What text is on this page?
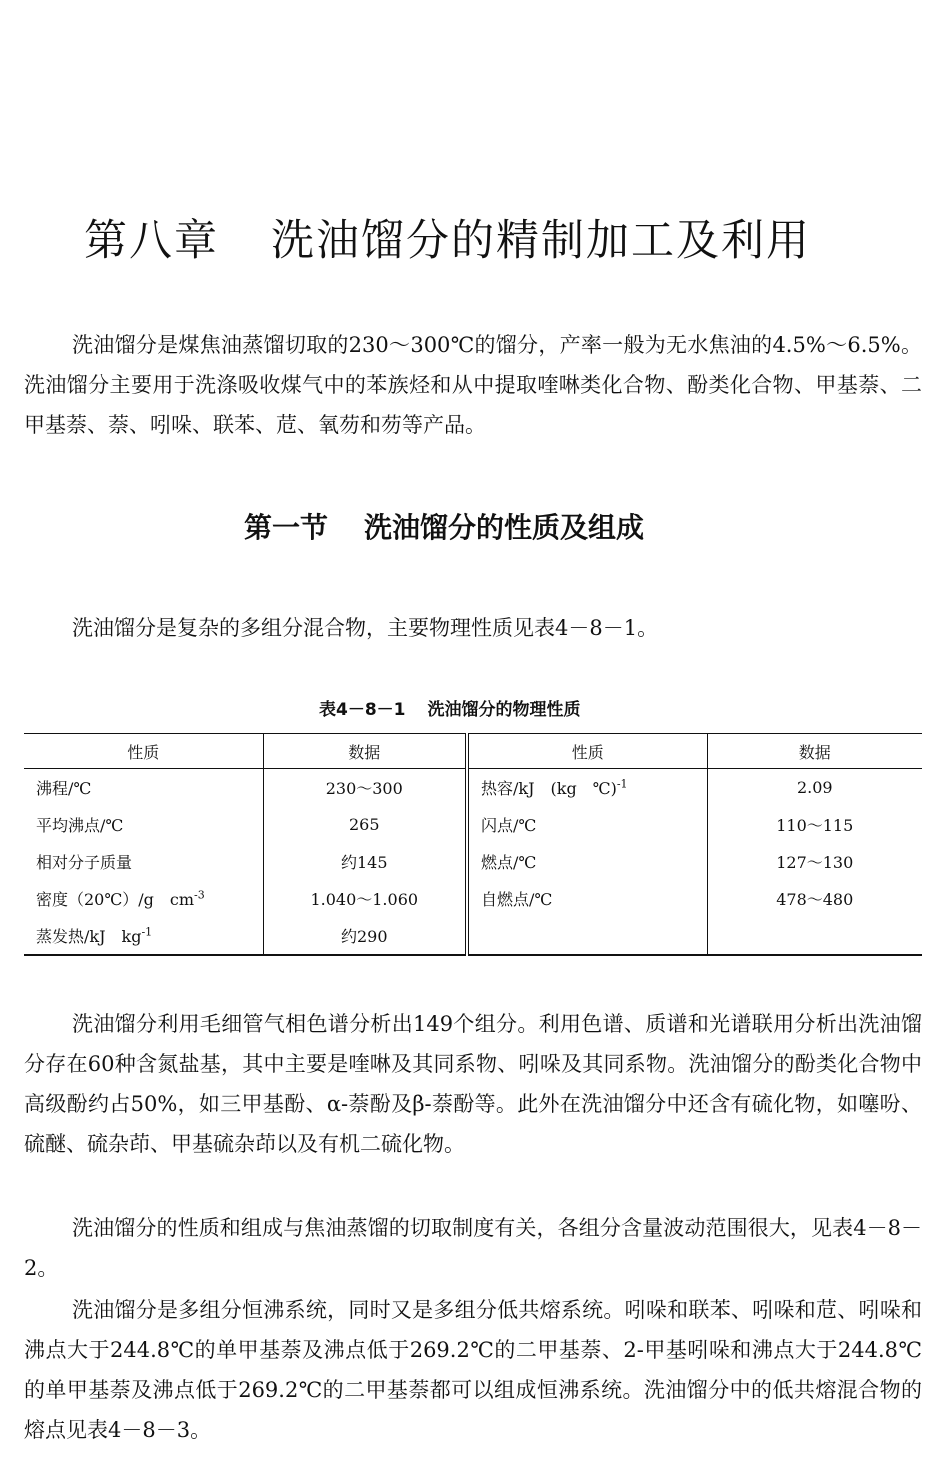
第八章 洗油馏分的精制加工及利用

洗油馏分是煤焦油蒸馏切取的230～300℃的馏分，产率一般为无水焦油的4.5%～6.5%。洗油馏分主要用于洗涤吸收煤气中的苯族烃和从中提取喹啉类化合物、酚类化合物、甲基萘、二甲基萘、萘、吲哚、联苯、苊、氧芴和芴等产品。

第一节 洗油馏分的性质及组成

洗油馏分是复杂的多组分混合物，主要物理性质见表4－8－1。

表4－8－1 洗油馏分的物理性质
性质	数据	性质	数据
沸程/℃	230～300	热容/kJ　(kg　℃)$^{-1}$	2.09
平均沸点/℃	265	闪点/℃	110～115
相对分子质量	约145	燃点/℃	127～130
密度（20℃）/g　$cm^{-3}$	1.040～1.060	自燃点/℃	478～480
蒸发热/kJ　$kg^{-1}$	约290		

洗油馏分利用毛细管气相色谱分析出149个组分。利用色谱、质谱和光谱联用分析出洗油馏分存在60种含氮盐基，其中主要是喹啉及其同系物、吲哚及其同系物。洗油馏分的酚类化合物中高级酚约占50%，如三甲基酚、α-萘酚及β-萘酚等。此外在洗油馏分中还含有硫化物，如噻吩、硫醚、硫杂茚、甲基硫杂茚以及有机二硫化物。

洗油馏分的性质和组成与焦油蒸馏的切取制度有关，各组分含量波动范围很大，见表4－8－2。

洗油馏分是多组分恒沸系统，同时又是多组分低共熔系统。吲哚和联苯、吲哚和苊、吲哚和沸点大于244.8℃的单甲基萘及沸点低于269.2℃的二甲基萘、2-甲基吲哚和沸点大于244.8℃的单甲基萘及沸点低于269.2℃的二甲基萘都可以组成恒沸系统。洗油馏分中的低共熔混合物的熔点见表4－8－3。
